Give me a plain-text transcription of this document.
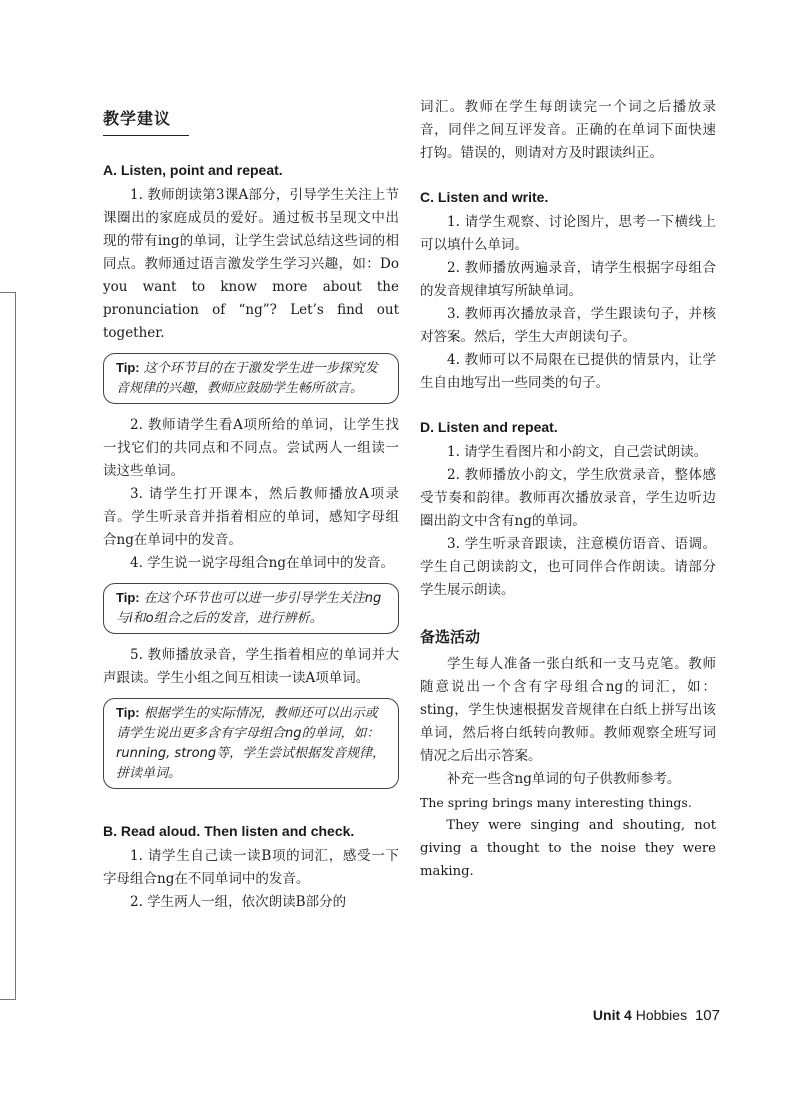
教学建议
A. Listen, point and repeat.

1. 教师朗读第3课A部分，引导学生关注上节课圈出的家庭成员的爱好。通过板书呈现文中出现的带有ing的单词，让学生尝试总结这些词的相同点。教师通过语言激发学生学习兴趣，如：Do you want to know more about the pronunciation of “ng”? Let’s find out together.

Tip: 这个环节目的在于激发学生进一步探究发音规律的兴趣，教师应鼓励学生畅所欲言。

2. 教师请学生看A项所给的单词，让学生找一找它们的共同点和不同点。尝试两人一组读一读这些单词。

3. 请学生打开课本，然后教师播放A项录音。学生听录音并指着相应的单词，感知字母组合ng在单词中的发音。

4. 学生说一说字母组合ng在单词中的发音。

Tip: 在这个环节也可以进一步引导学生关注ng与i和o组合之后的发音，进行辨析。

5. 教师播放录音，学生指着相应的单词并大声跟读。学生小组之间互相读一读A项单词。

Tip: 根据学生的实际情况，教师还可以出示或请学生说出更多含有字母组合ng的单词，如：running, strong等，学生尝试根据发音规律，拼读单词。
B. Read aloud. Then listen and check.

1. 请学生自己读一读B项的词汇，感受一下字母组合ng在不同单词中的发音。

2. 学生两人一组，依次朗读B部分的

词汇。教师在学生每朗读完一个词之后播放录音，同伴之间互评发音。正确的在单词下面快速打钩。错误的，则请对方及时跟读纠正。

C. Listen and write.

1. 请学生观察、讨论图片，思考一下横线上可以填什么单词。

2. 教师播放两遍录音，请学生根据字母组合的发音规律填写所缺单词。

3. 教师再次播放录音，学生跟读句子，并核对答案。然后，学生大声朗读句子。

4. 教师可以不局限在已提供的情景内，让学生自由地写出一些同类的句子。

D. Listen and repeat.

1. 请学生看图片和小韵文，自己尝试朗读。

2. 教师播放小韵文，学生欣赏录音，整体感受节奏和韵律。教师再次播放录音，学生边听边圈出韵文中含有ng的单词。

3. 学生听录音跟读，注意模仿语音、语调。学生自己朗读韵文，也可同伴合作朗读。请部分学生展示朗读。

备选活动

学生每人准备一张白纸和一支马克笔。教师随意说出一个含有字母组合ng的词汇，如：sting，学生快速根据发音规律在白纸上拼写出该单词，然后将白纸转向教师。教师观察全班写词情况之后出示答案。

补充一些含ng单词的句子供教师参考。

The spring brings many interesting things.

They were singing and shouting, not giving a thought to the noise they were making.

Unit 4 Hobbies 107
